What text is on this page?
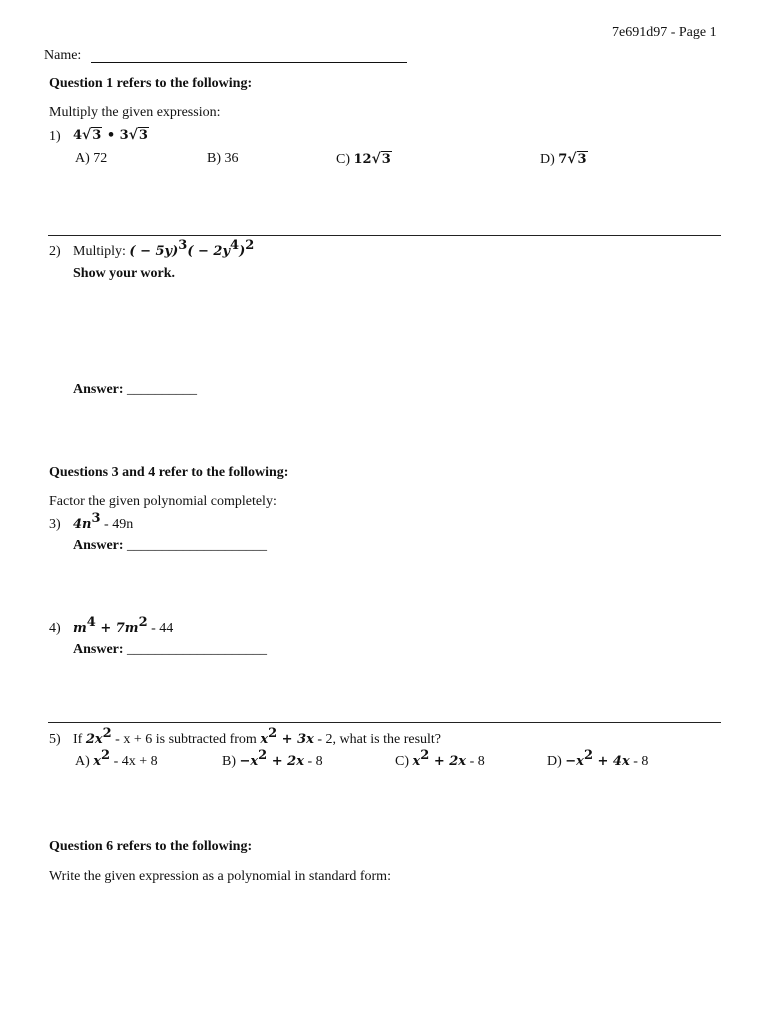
7e691d97 - Page 1
Name:
Question 1 refers to the following:
Multiply the given expression:
1) 4√3 • 3√3
A) 72	B) 36	C) 12√3	D) 7√3
2) Multiply: ( − $5y)^3( - 2y^4)^2$
Show your work.
Answer: __________
Questions 3 and 4 refer to the following:
Factor the given polynomial completely:
3) $4n^3 - 49n$
Answer: ____________________
4) $m^4 + 7m^2 - 44$
Answer: ____________________
5) If $2x^2 - x + 6$ is subtracted from $x^2 + 3x - 2$, what is the result?
A) $x^2 - 4x + 8$	$B) -x^2 + 2x - 8$	C) $x^2 + 2x - 8$	$D) -x^2 + 4x - 8$
Question 6 refers to the following:
Write the given expression as a polynomial in standard form:
